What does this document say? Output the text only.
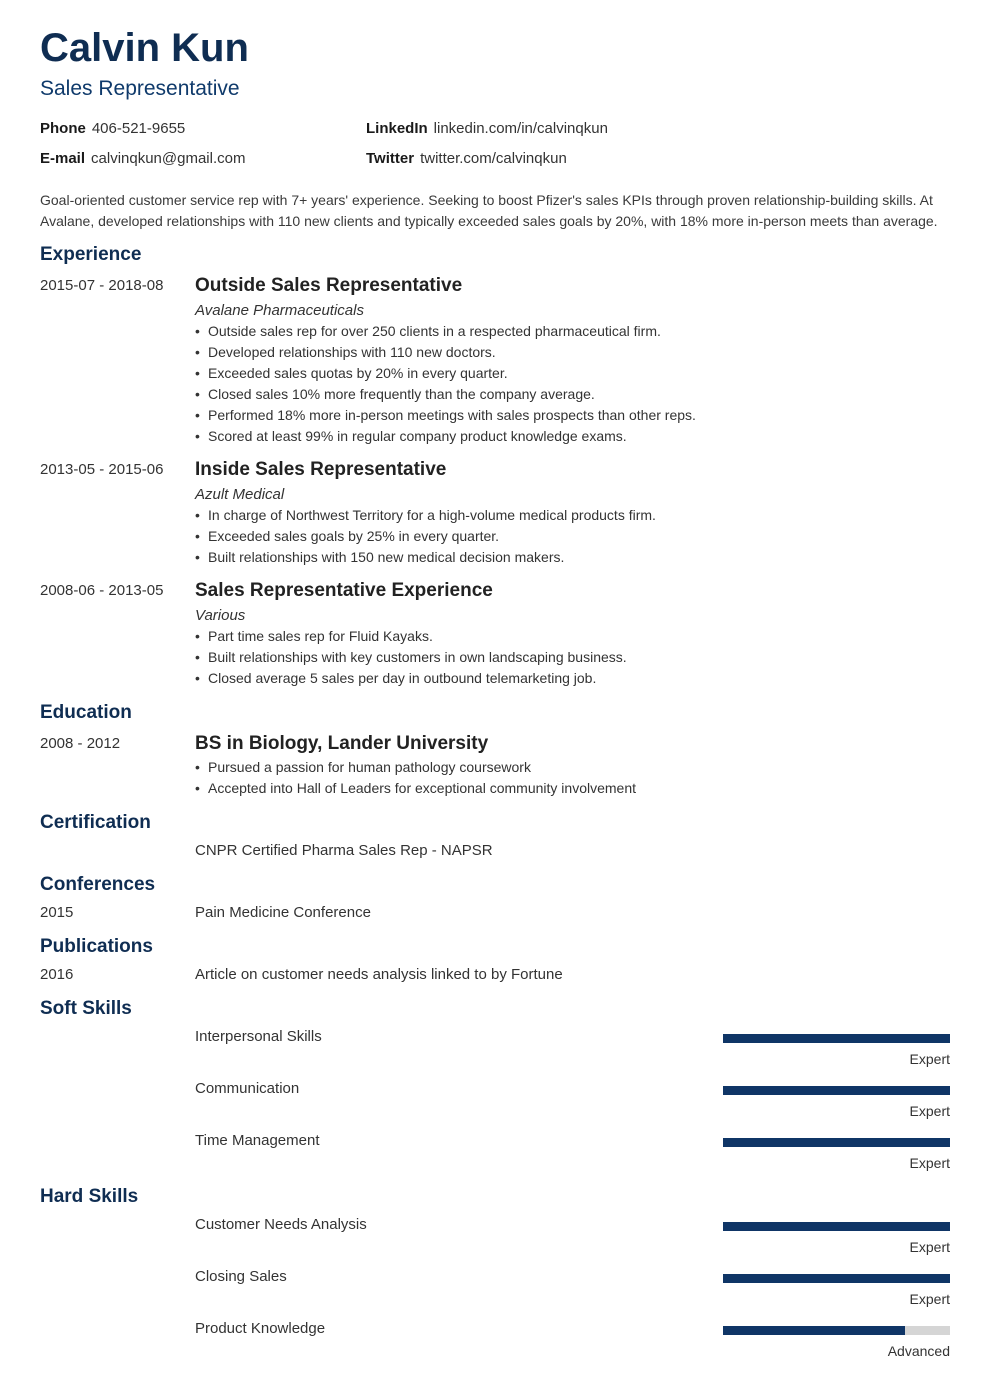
Calvin Kun
Sales Representative
Phone 406-521-9655
E-mail calvinqkun@gmail.com
LinkedIn linkedin.com/in/calvinqkun
Twitter twitter.com/calvinqkun
Goal-oriented customer service rep with 7+ years' experience. Seeking to boost Pfizer's sales KPIs through proven relationship-building skills. At Avalane, developed relationships with 110 new clients and typically exceeded sales goals by 20%, with 18% more in-person meets than average.
Experience
2015-07 - 2018-08 Outside Sales Representative
Avalane Pharmaceuticals
• Outside sales rep for over 250 clients in a respected pharmaceutical firm.
• Developed relationships with 110 new doctors.
• Exceeded sales quotas by 20% in every quarter.
• Closed sales 10% more frequently than the company average.
• Performed 18% more in-person meetings with sales prospects than other reps.
• Scored at least 99% in regular company product knowledge exams.
2013-05 - 2015-06 Inside Sales Representative
Azult Medical
• In charge of Northwest Territory for a high-volume medical products firm.
• Exceeded sales goals by 25% in every quarter.
• Built relationships with 150 new medical decision makers.
2008-06 - 2013-05 Sales Representative Experience
Various
• Part time sales rep for Fluid Kayaks.
• Built relationships with key customers in own landscaping business.
• Closed average 5 sales per day in outbound telemarketing job.
Education
2008 - 2012	BS in Biology, Lander University
• Pursued a passion for human pathology coursework
• Accepted into Hall of Leaders for exceptional community involvement
Certification
CNPR Certified Pharma Sales Rep - NAPSR
Conferences
2015	Pain Medicine Conference
Publications
2016	Article on customer needs analysis linked to by Fortune
Soft Skills
Interpersonal Skills
Expert
Communication
Expert
Time Management
Expert
Hard Skills
Customer Needs Analysis
Expert
Closing Sales
Expert
Product Knowledge
Advanced
